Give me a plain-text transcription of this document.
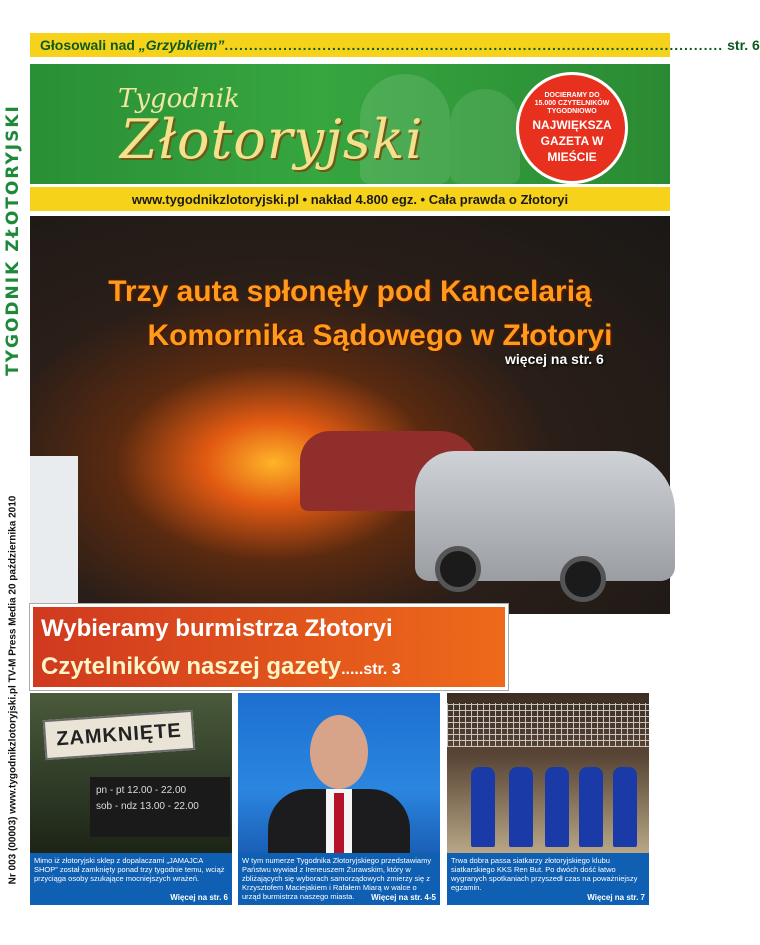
TYGODNIK ZŁOTORYJSKI
Nr 003 (00003) www.tygodnikzlotoryjski.pl TV-M Press Media 20 października 2010
Głosowali nad „Grzybkiem” ...................................................................................................... str. 6
Tygodnik
Złotoryjski
DOCIERAMY DO
15.000 CZYTELNIKÓW
TYGODNIOWO
NAJWIĘKSZA
GAZETA W
MIEŚCIE
www.tygodnikzlotoryjski.pl • nakład 4.800 egz. • Cała prawda o Złotoryi
Trzy auta spłonęły pod Kancelarią
Komornika Sądowego w Złotoryi
więcej na str. 6
Wybieramy burmistrza Złotoryi
Czytelników naszej gazety.....str. 3
ZAMKNIĘTE
pn - pt 12.00 - 22.00
sob - ndz 13.00 - 22.00
Mimo iż złotoryjski sklep z dopalaczami „JAMAJCA SHOP” został zamknięty ponad trzy tygodnie temu, wciąż przyciąga osoby szukające mocniejszych wrażeń.
Więcej na str. 6
W tym numerze Tygodnika Złotoryjskiego przedstawiamy Państwu wywiad z Ireneuszem Żurawskim, który w zbliżających się wyborach samorządowych zmierzy się z Krzysztofem Maciejakiem i Rafałem Miarą w walce o urząd burmistrza naszego miasta.	Więcej na str. 4-5
Trwa dobra passa siatkarzy złotoryjskiego klubu siatkarskiego KKS Ren But. Po dwóch dość łatwo wygranych spotkaniach przyszedł czas na poważniejszy egzamin.
Więcej na str. 7
